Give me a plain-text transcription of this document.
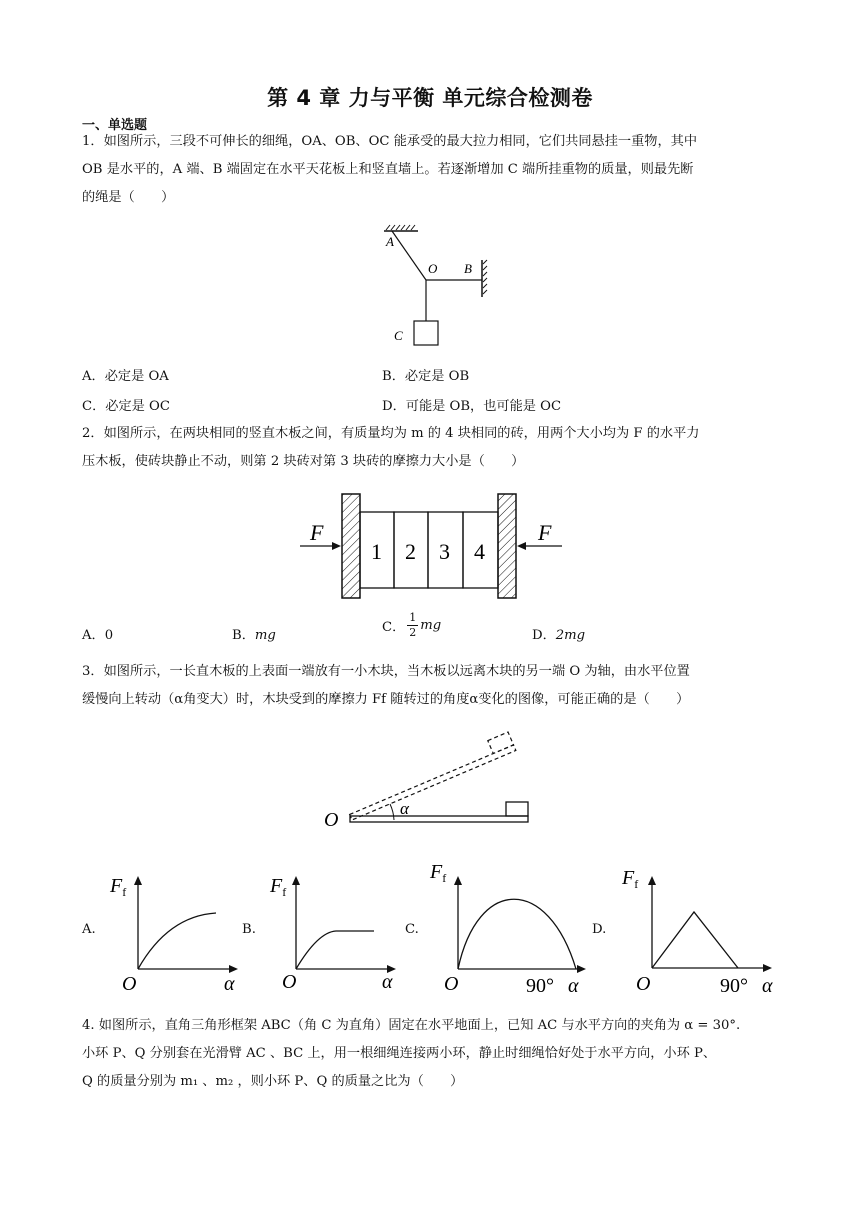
第 4 章 力与平衡 单元综合检测卷
一、单选题
1．如图所示，三段不可伸长的细绳，OA、OB、OC 能承受的最大拉力相同，它们共同悬挂一重物，其中
OB 是水平的，A 端、B 端固定在水平天花板上和竖直墙上。若逐渐增加 C 端所挂重物的质量，则最先断
的绳是（　　）
A
O B
C
A．必定是 OA	B．必定是 OB
C．必定是 OC	D．可能是 OB，也可能是 OC
2．如图所示，在两块相同的竖直木板之间，有质量均为 m 的 4 块相同的砖，用两个大小均为 F 的水平力
压木板，使砖块静止不动，则第 2 块砖对第 3 块砖的摩擦力大小是（　　）
1 2 3 4
F	F
A．0	B．mg
C． $\frac{1}{2}$ mg
D．2mg
3．如图所示，一长直木板的上表面一端放有一小木块，当木板以远离木块的另一端 O 为轴，由水平位置
缓慢向上转动（α角变大）时，木块受到的摩擦力 Ff 随转过的角度α变化的图像，可能正确的是（　　）
α
O
A.
$F_f$
O	α
B.
$F_f$
O	α
C.
$F_f$
O	90° α
D.
$F_f$
O	90° α
4. 如图所示，直角三角形框架 ABC（角 C 为直角）固定在水平地面上，已知 AC 与水平方向的夹角为 α = 30°.
小环 P、Q 分别套在光滑臂 AC 、BC 上，用一根细绳连接两小环，静止时细绳恰好处于水平方向，小环 P、
Q 的质量分别为 m₁ 、m₂ ，则小环 P、Q 的质量之比为（　　）
